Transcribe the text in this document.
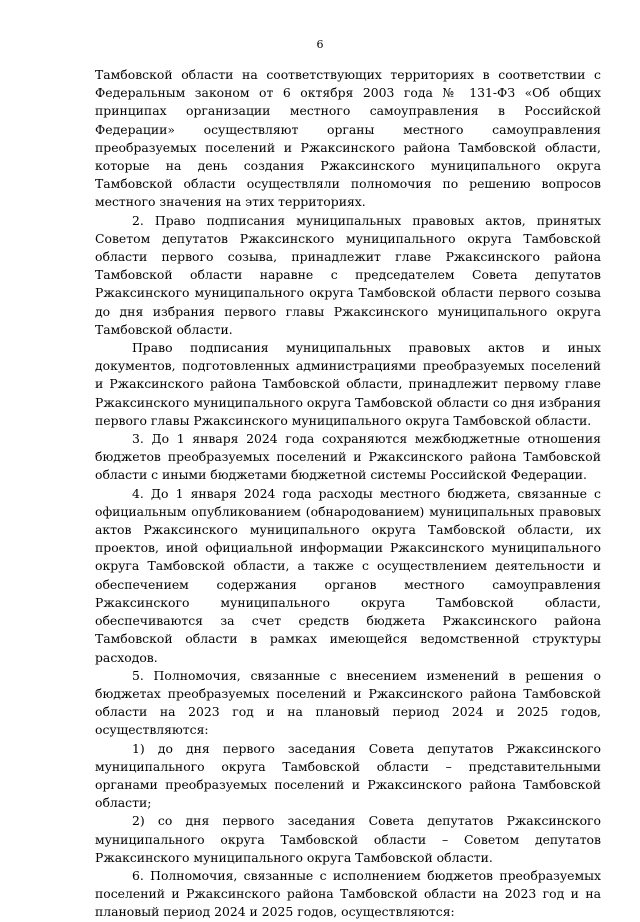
6

Тамбовской области на соответствующих территориях в соответствии с Федеральным законом от 6 октября 2003 года № 131-ФЗ «Об общих принципах организации местного самоуправления в Российской Федерации» осуществляют органы местного самоуправления преобразуемых поселений и Ржаксинского района Тамбовской области, которые на день создания Ржаксинского муниципального округа Тамбовской области осуществляли полномочия по решению вопросов местного значения на этих территориях.

2. Право подписания муниципальных правовых актов, принятых Советом депутатов Ржаксинского муниципального округа Тамбовской области первого созыва, принадлежит главе Ржаксинского района Тамбовской области наравне с председателем Совета депутатов Ржаксинского муниципального округа Тамбовской области первого созыва до дня избрания первого главы Ржаксинского муниципального округа Тамбовской области.

Право подписания муниципальных правовых актов и иных документов, подготовленных администрациями преобразуемых поселений и Ржаксинского района Тамбовской области, принадлежит первому главе Ржаксинского муниципального округа Тамбовской области со дня избрания первого главы Ржаксинского муниципального округа Тамбовской области.

3. До 1 января 2024 года сохраняются межбюджетные отношения бюджетов преобразуемых поселений и Ржаксинского района Тамбовской области с иными бюджетами бюджетной системы Российской Федерации.

4. До 1 января 2024 года расходы местного бюджета, связанные с официальным опубликованием (обнародованием) муниципальных правовых актов Ржаксинского муниципального округа Тамбовской области, их проектов, иной официальной информации Ржаксинского муниципального округа Тамбовской области, а также с осуществлением деятельности и обеспечением содержания органов местного самоуправления Ржаксинского муниципального округа Тамбовской области, обеспечиваются за счет средств бюджета Ржаксинского района Тамбовской области в рамках имеющейся ведомственной структуры расходов.

5. Полномочия, связанные с внесением изменений в решения о бюджетах преобразуемых поселений и Ржаксинского района Тамбовской области на 2023 год и на плановый период 2024 и 2025 годов, осуществляются:

1) до дня первого заседания Совета депутатов Ржаксинского муниципального округа Тамбовской области – представительными органами преобразуемых поселений и Ржаксинского района Тамбовской области;

2) со дня первого заседания Совета депутатов Ржаксинского муниципального округа Тамбовской области – Советом депутатов Ржаксинского муниципального округа Тамбовской области.

6. Полномочия, связанные с исполнением бюджетов преобразуемых поселений и Ржаксинского района Тамбовской области на 2023 год и на плановый период 2024 и 2025 годов, осуществляются:
